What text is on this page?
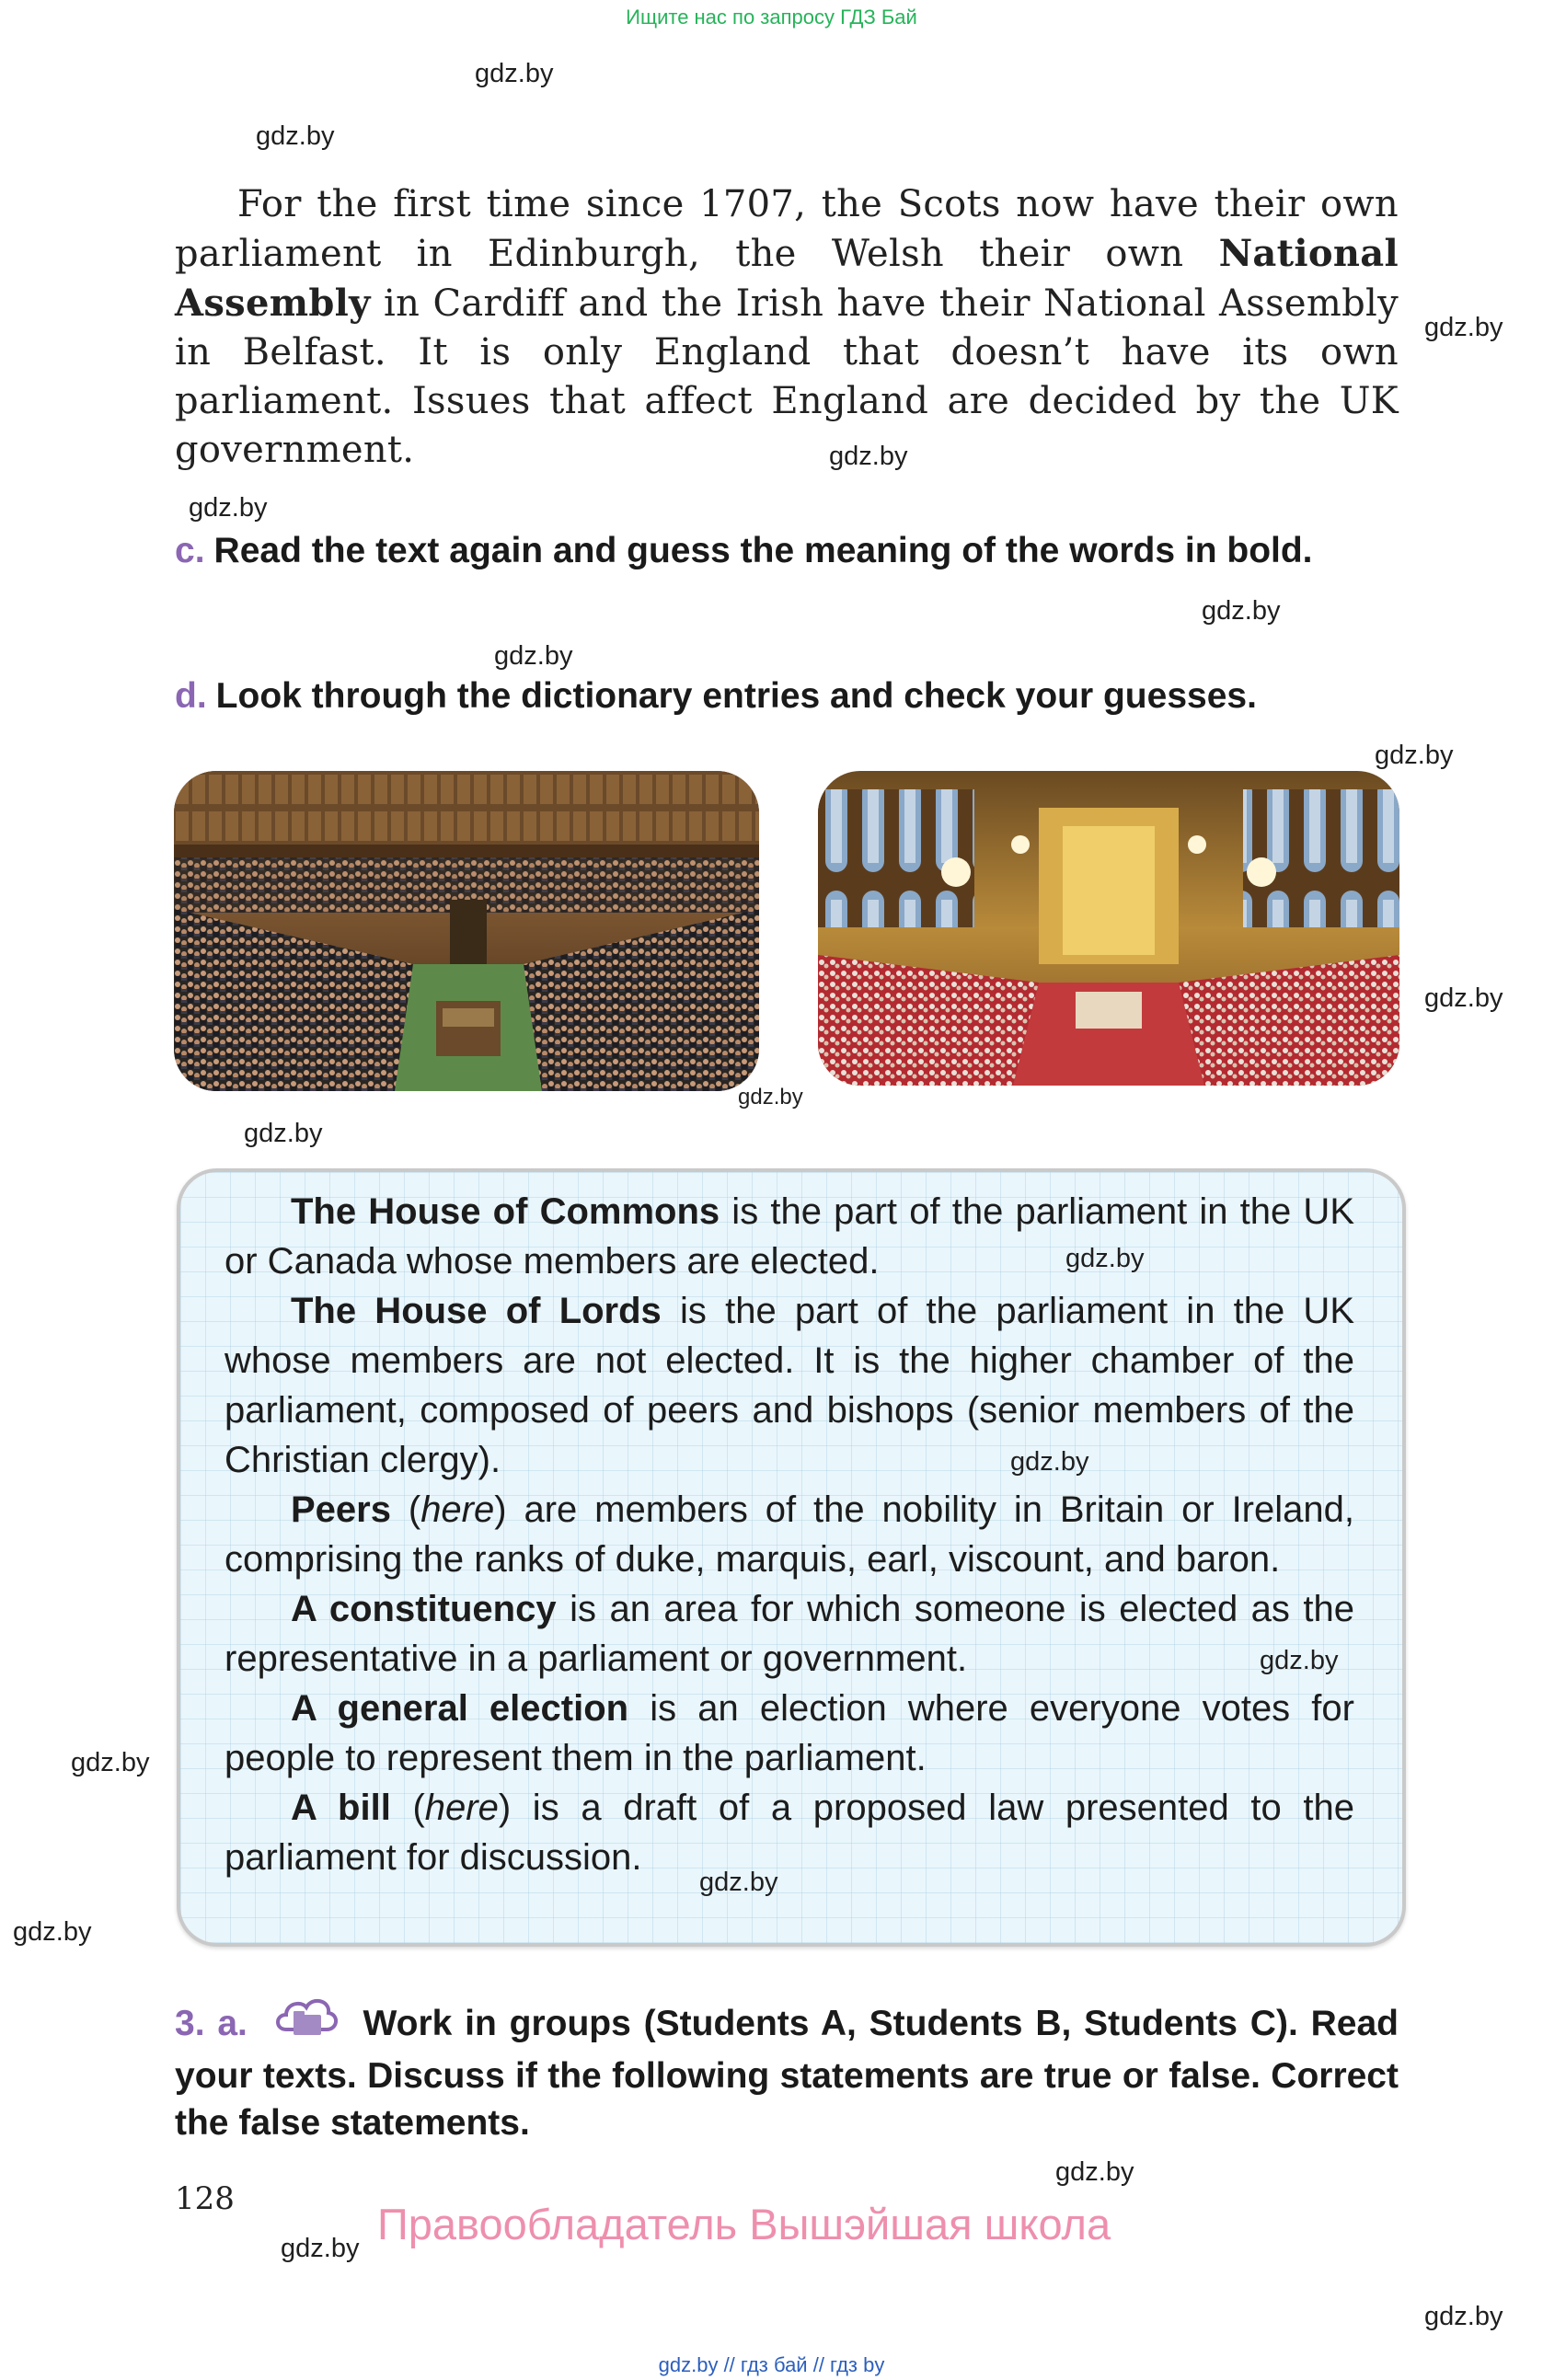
Ищите нас по запросу ГДЗ Бай
gdz.by
gdz.by
gdz.by
gdz.by
gdz.by
gdz.by
gdz.by
gdz.by
gdz.by
gdz.by
gdz.by
For the first time since 1707, the Scots now have their own parliament in Edinburgh, the Welsh their own National Assembly in Cardiff and the Irish have their National Assembly in Belfast. It is only England that doesn’t have its own parliament. Issues that affect England are decided by the UK government.
c. Read the text again and guess the meaning of the words in bold.
d. Look through the dictionary entries and check your guesses.

The House of Commons is the part of the parliament in the UK or Canada whose members are elected.

The House of Lords is the part of the parliament in the UK whose members are not elected. It is the higher chamber of the parliament, composed of peers and bishops (senior members of the Christian clergy).

Peers (here) are members of the nobility in Britain or Ireland, comprising the ranks of duke, marquis, earl, viscount, and baron.

A constituency is an area for which someone is elected as the representative in a parliament or government.

A general election is an election where everyone votes for people to represent them in the parliament.

A bill (here) is a draft of a proposed law presented to the parliament for discussion.

gdz.by
gdz.by
gdz.by
gdz.by
gdz.by
gdz.by
3. a.	Work in groups (Students A, Students B, Students C). Read your texts. Discuss if the following statements are true or false. Correct the false statements.
gdz.by
128
gdz.by Правообладатель Вышэйшая школа
gdz.by
gdz.by // гдз бай // гдз by
